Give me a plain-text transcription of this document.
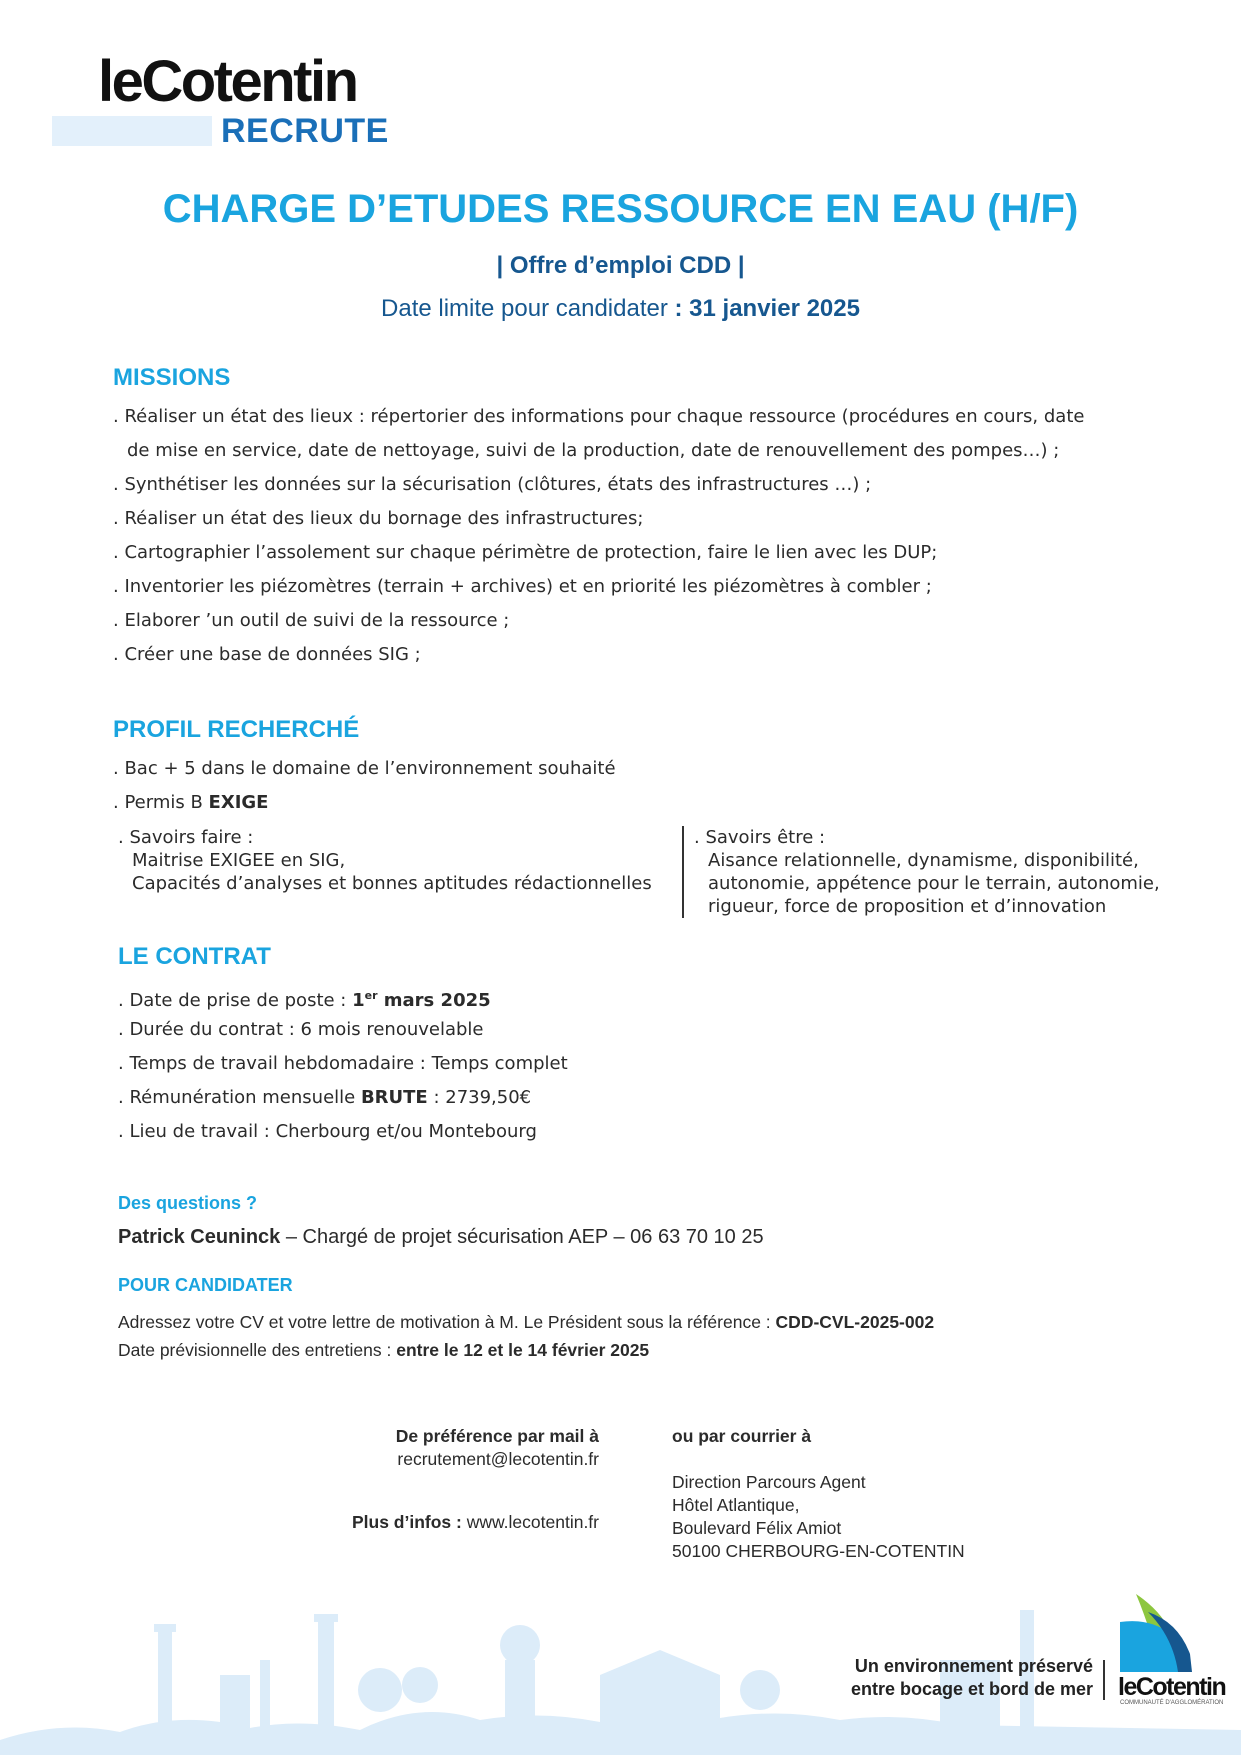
leCotentin
RECRUTE
CHARGE D’ETUDES RESSOURCE EN EAU (H/F)
| Offre d’emploi CDD |
Date limite pour candidater : 31 janvier 2025
MISSIONS
. Réaliser un état des lieux : répertorier des informations pour chaque ressource (procédures en cours, date
de mise en service, date de nettoyage, suivi de la production, date de renouvellement des pompes…) ;
. Synthétiser les données sur la sécurisation (clôtures, états des infrastructures …) ;
. Réaliser un état des lieux du bornage des infrastructures;
. Cartographier l’assolement sur chaque périmètre de protection, faire le lien avec les DUP;
. Inventorier les piézomètres (terrain + archives) et en priorité les piézomètres à combler ;
. Elaborer ’un outil de suivi de la ressource ;
. Créer une base de données SIG ;
PROFIL RECHERCHÉ
. Bac + 5 dans le domaine de l’environnement souhaité
. Permis B EXIGE
. Savoirs faire :
Maitrise EXIGEE en SIG,
Capacités d’analyses et bonnes aptitudes rédactionnelles
. Savoirs être :
Aisance relationnelle, dynamisme, disponibilité,
autonomie, appétence pour le terrain, autonomie,
rigueur, force de proposition et d’innovation
LE CONTRAT
. Date de prise de poste : 1er mars 2025
. Durée du contrat : 6 mois renouvelable
. Temps de travail hebdomadaire : Temps complet
. Rémunération mensuelle BRUTE : 2739,50€
. Lieu de travail : Cherbourg et/ou Montebourg
Des questions ?
Patrick Ceuninck – Chargé de projet sécurisation AEP – 06 63 70 10 25
POUR CANDIDATER
Adressez votre CV et votre lettre de motivation à M. Le Président sous la référence : CDD-CVL-2025-002
Date prévisionnelle des entretiens : entre le 12 et le 14 février 2025
De préférence par mail à
recrutement@lecotentin.fr
Plus d’infos : www.lecotentin.fr
ou par courrier à
Direction Parcours Agent
Hôtel Atlantique,
Boulevard Félix Amiot
50100 CHERBOURG-EN-COTENTIN
Un environnement préservé
entre bocage et bord de mer leCotentin
COMMUNAUTÉ D'AGGLOMÉRATION
